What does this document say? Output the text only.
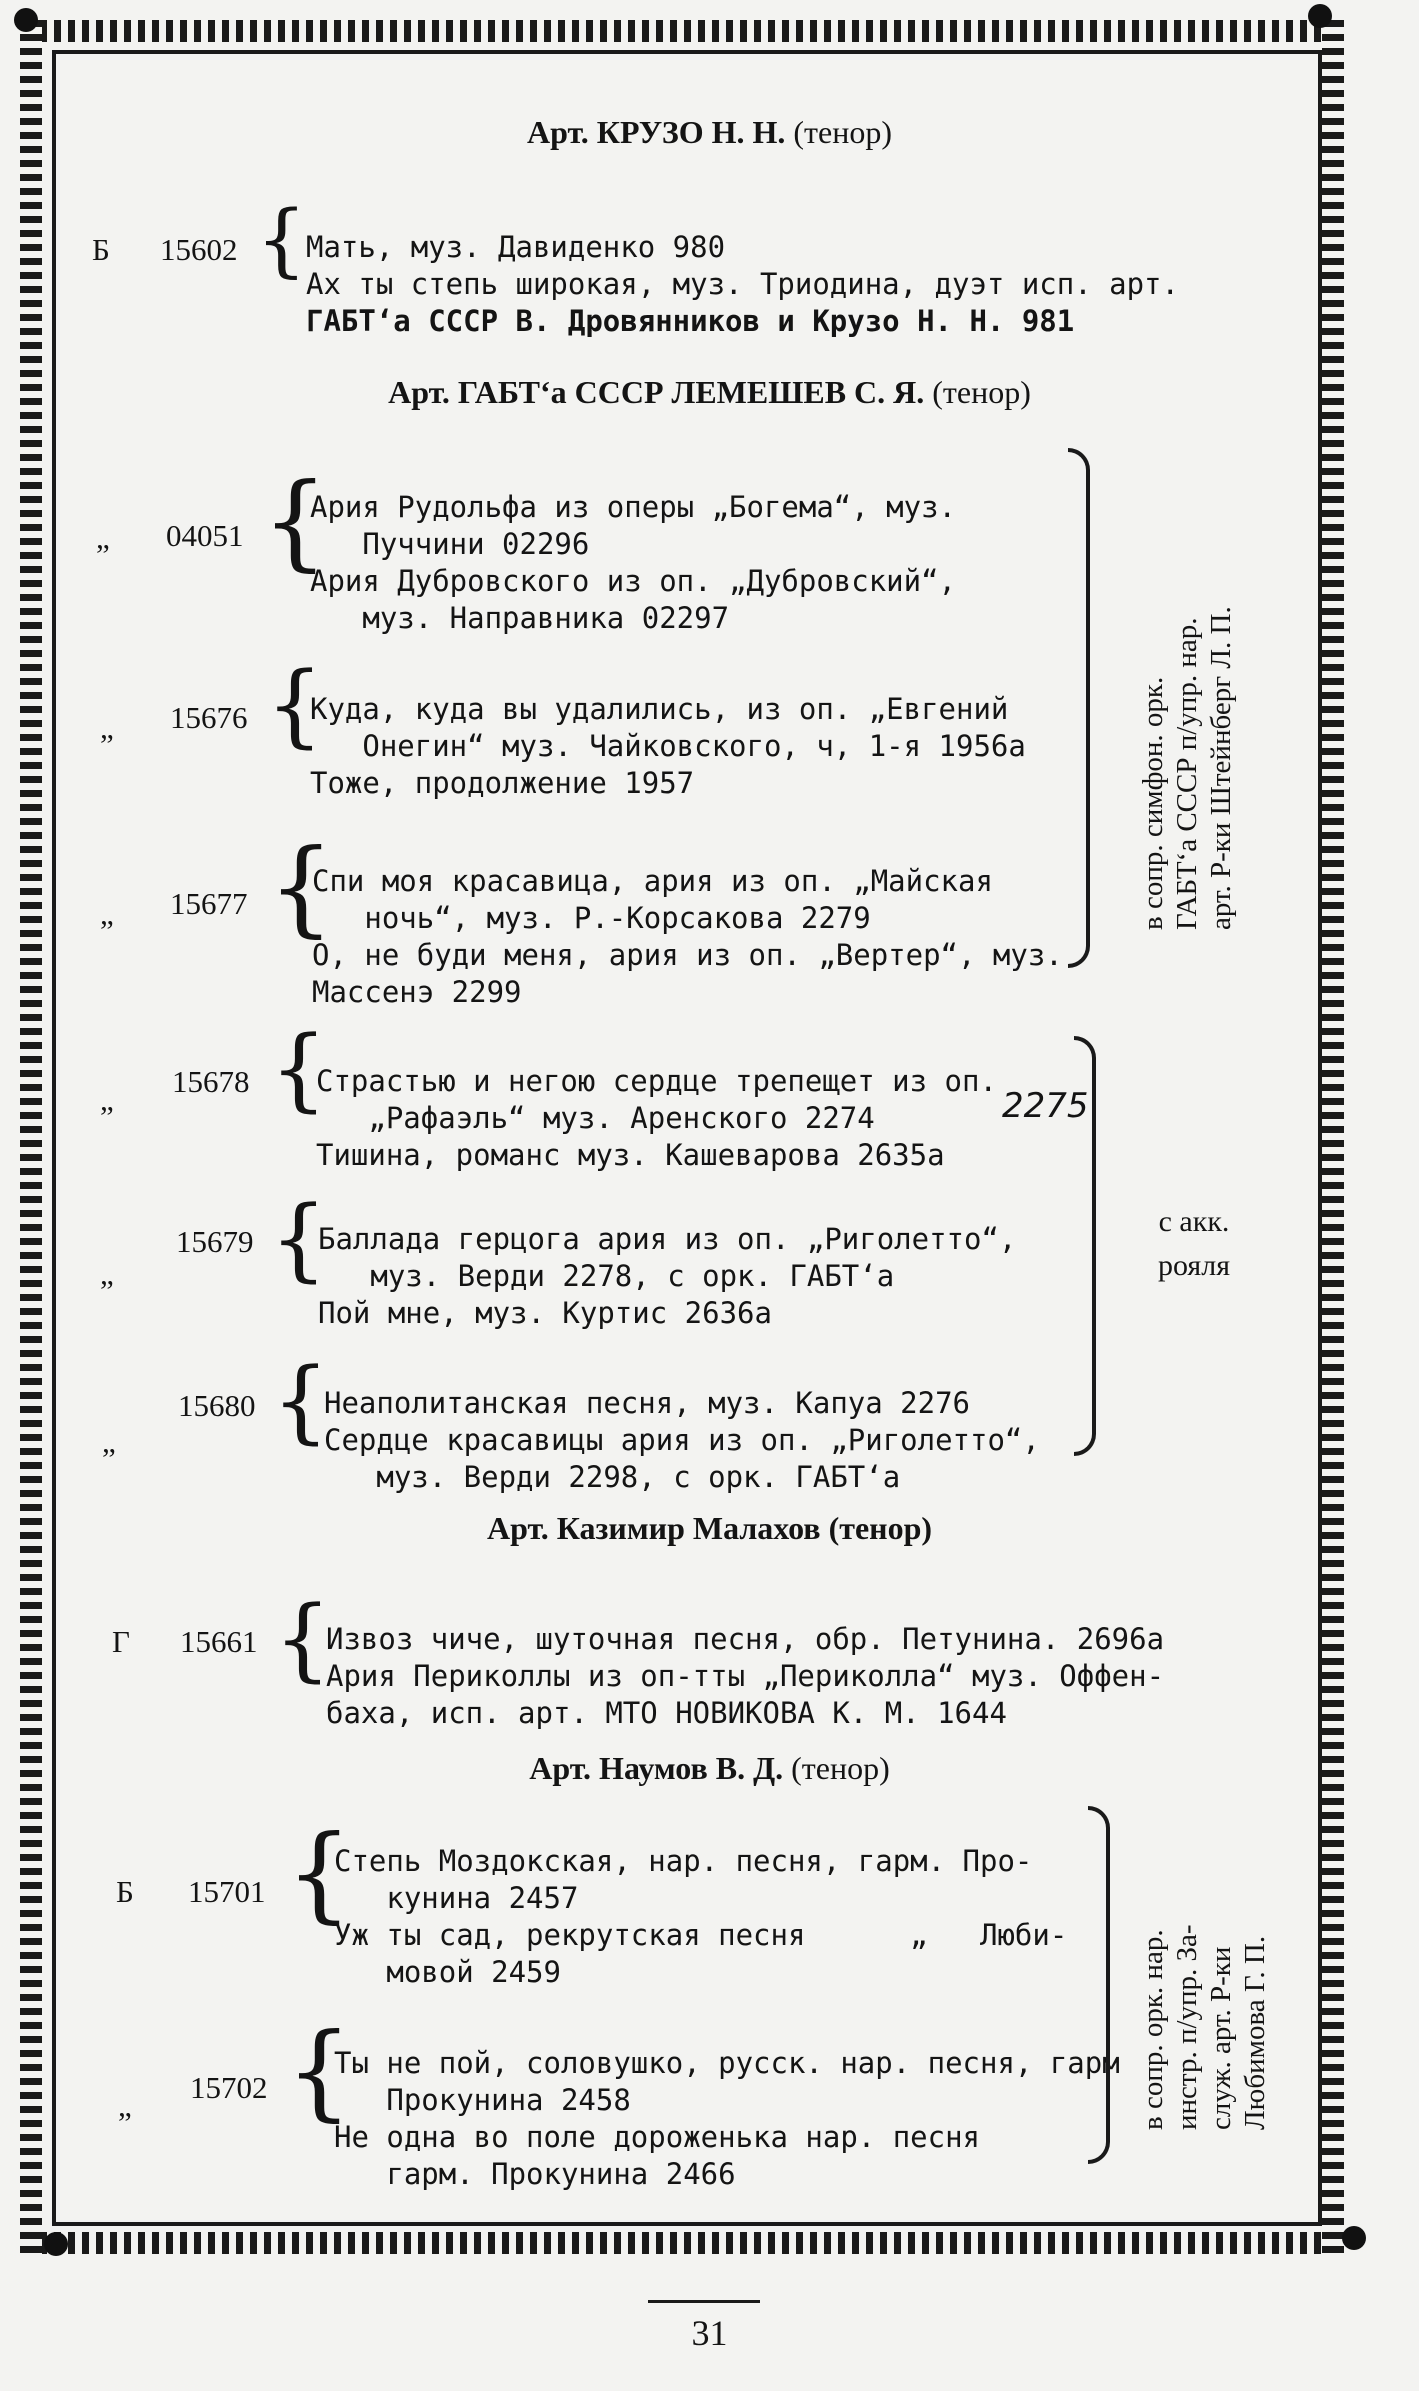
Арт. КРУЗО Н. Н. (тенор)
Б 15602 { Мать, муз. Давиденко 980
Ах ты степь широкая, муз. Триодина, дуэт исп. арт.
ГАБТ‘а СССР В. Дровянников и Крузо Н. Н. 981
Арт. ГАБТ‘а СССР ЛЕМЕШЕВ С. Я. (тенор)
„ 04051 {

Ария Рудольфа из оперы „Богема“, муз.
Пуччини 02296
Ария Дубровского из оп. „Дубровский“,
муз. Направника 02297
„ 15676 {

Куда, куда вы удалились, из оп. „Евгений
Онегин“ муз. Чайковского, ч, 1-я 1956а
Тоже, продолжение 1957
„ 15677 {

Спи моя красавица, ария из оп. „Майская
ночь“, муз. Р.-Корсакова 2279
О, не буди меня, ария из оп. „Вертер“, муз.
Массенэ 2299
в сопр. симфон. орк.
ГАБТ‘а СССР п/упр. нар.
арт. Р-ки Штейнберг Л. П.
„
15678 {

Страстью и негою сердце трепещет из оп.
„Рафаэль“ муз. Аренского 2274
Тишина, романс муз. Кашеварова 2635а
2275
„
15679 {

Баллада герцога ария из оп. „Риголетто“,
муз. Верди 2278, с орк. ГАБТ‘а
Пой мне, муз. Куртис 2636а
„
15680 {

Неаполитанская песня, муз. Капуа 2276
Сердце красавицы ария из оп. „Риголетто“,
муз. Верди 2298, с орк. ГАБТ‘а
с акк.
рояля
Арт. Казимир Малахов (тенор)
Г 15661 {

Извоз чиче, шуточная песня, обр. Петунина. 2696а
Ария Периколлы из оп-тты „Периколла“ муз. Оффен-
баха, исп. арт. МТО НОВИКОВА К. М. 1644
Арт. Наумов В. Д. (тенор)
Б 15701 {

Степь Моздокская, нар. песня, гарм. Про-
кунина 2457
Уж ты сад, рекрутская песня      „   Люби-
мовой 2459
„
15702 {

Ты не пой, соловушко, русск. нар. песня, гарм
Прокунина 2458
Не одна во поле дороженька нар. песня
гарм. Прокунина 2466
в сопр. орк. нар.
инстр. п/упр. За-
служ. арт. Р-ки
Любимова Г. П.
31
